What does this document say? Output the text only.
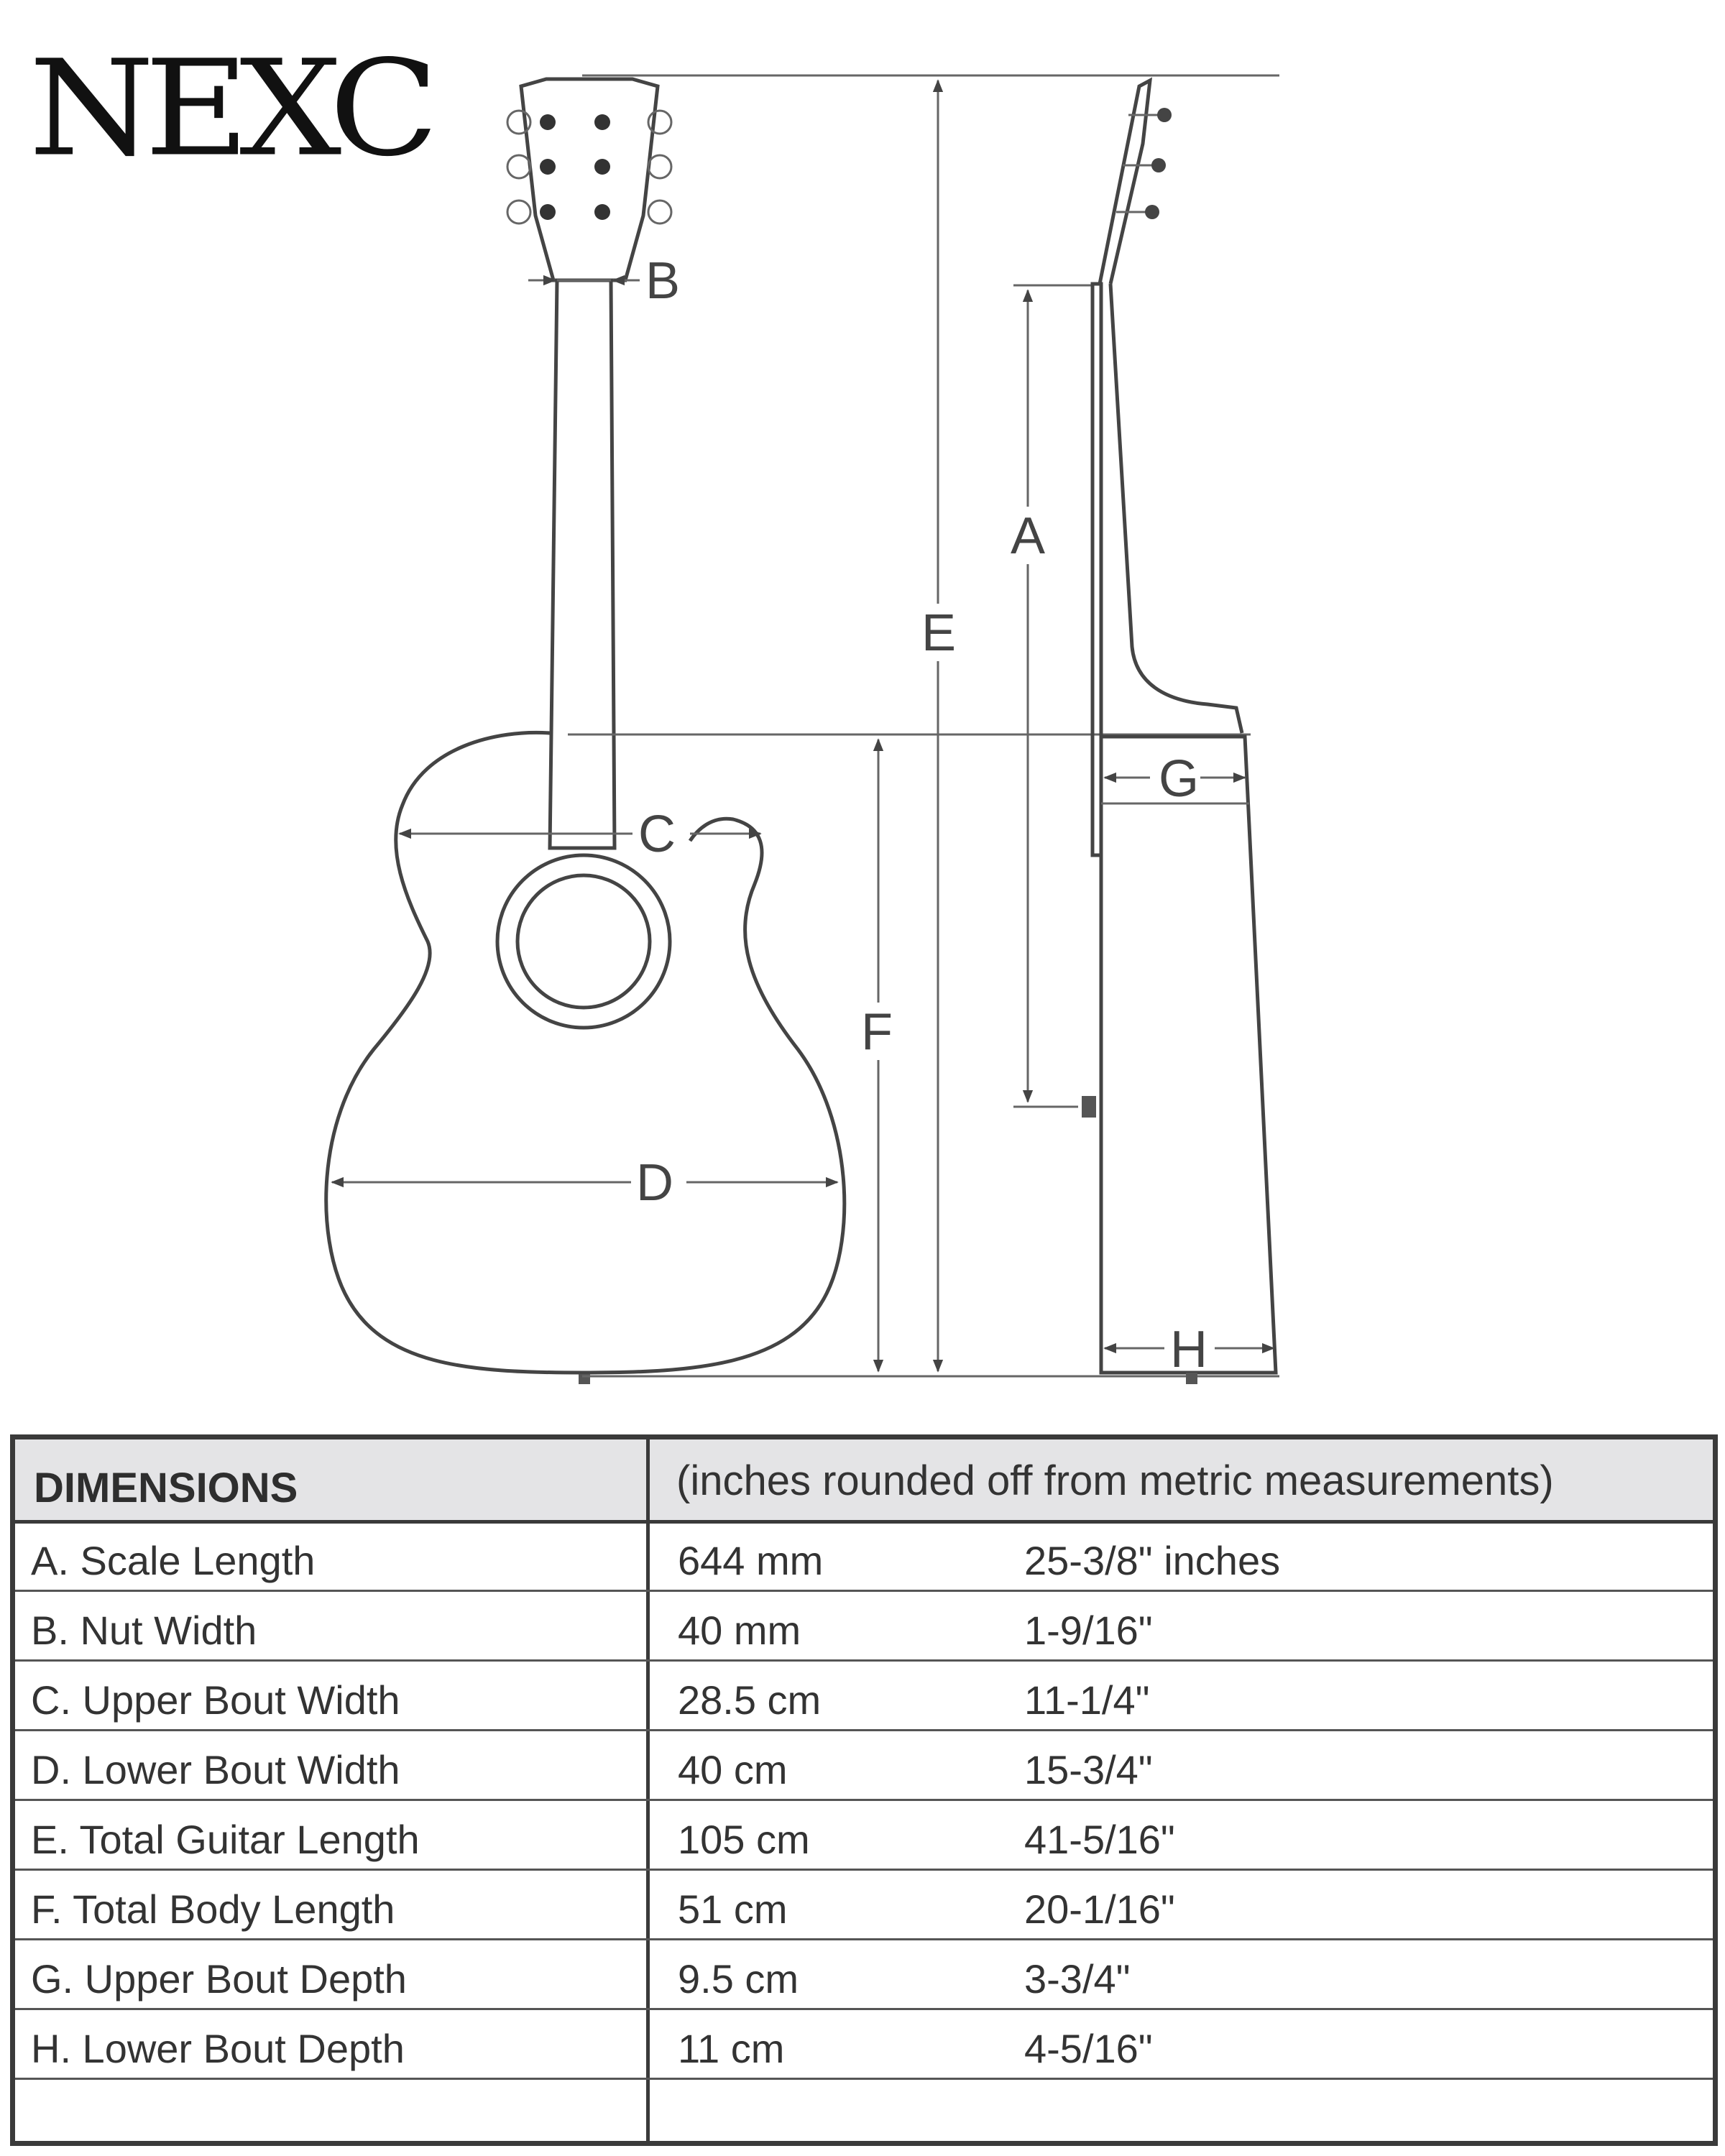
NEXC
B
C
D
E
F
A
G
H
DIMENSIONS	(inches rounded off from metric measurements)
A. Scale Length	644 mm	25-3/8" inches
B. Nut Width	40 mm	1-9/16"
C. Upper Bout Width	28.5 cm	11-1/4"
D. Lower Bout Width	40 cm	15-3/4"
E. Total Guitar Length	105 cm	41-5/16"
F. Total Body Length	51 cm	20-1/16"
G. Upper Bout Depth	9.5 cm	3-3/4"
H. Lower Bout Depth	11 cm	4-5/16"
